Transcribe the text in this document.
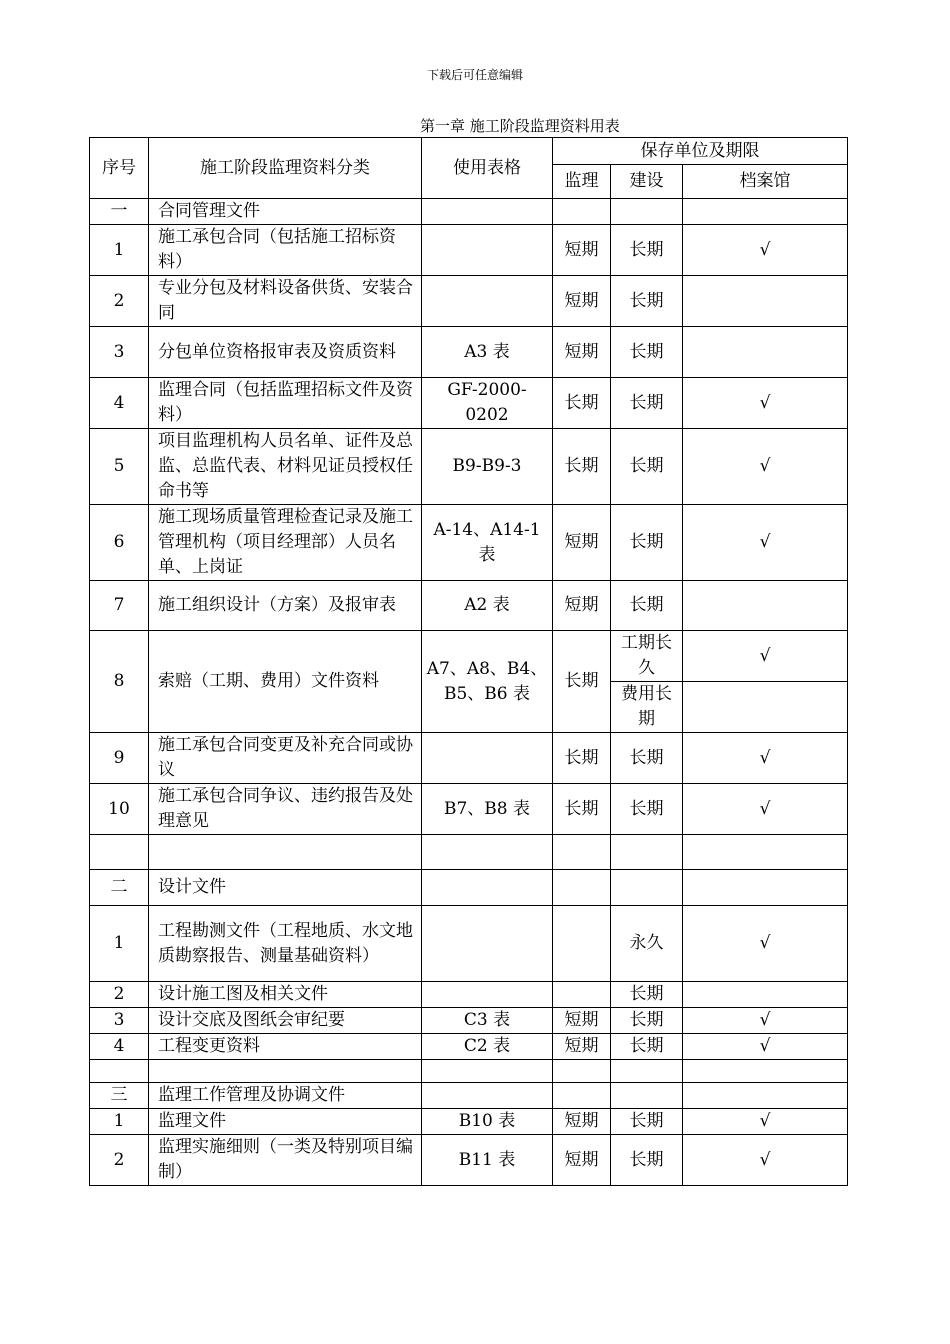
下载后可任意编辑
第一章 施工阶段监理资料用表
序号	施工阶段监理资料分类	使用表格	保存单位及期限		
			监理	建设	档案馆
一	合同管理文件				
1	施工承包合同（包括施工招标资料）		短期	长期	√
2	专业分包及材料设备供货、安装合同		短期	长期	
3	分包单位资格报审表及资质资料	A3 表	短期	长期	
4	监理合同（包括监理招标文件及资料）	GF-2000-0202	长期	长期	√
5	项目监理机构人员名单、证件及总监、总监代表、材料见证员授权任命书等	B9-B9-3	长期	长期	√
6	施工现场质量管理检查记录及施工管理机构（项目经理部）人员名单、上岗证	A-14、A14-1表	短期	长期	√
7	施工组织设计（方案）及报审表	A2 表	短期	长期	
8	索赔（工期、费用）文件资料	A7、A8、B4、B5、B6 表	长期	工期长久	√
				费用长期	
9	施工承包合同变更及补充合同或协议		长期	长期	√
10	施工承包合同争议、违约报告及处理意见	B7、B8 表	长期	长期	√

二	设计文件				
1	工程勘测文件（工程地质、水文地质勘察报告、测量基础资料）			永久	√
2	设计施工图及相关文件			长期	
3	设计交底及图纸会审纪要	C3 表	短期	长期	√
4	工程变更资料	C2 表	短期	长期	√

三	监理工作管理及协调文件				
1	监理文件	B10 表	短期	长期	√
2	监理实施细则（一类及特别项目编制）	B11 表	短期	长期	√
